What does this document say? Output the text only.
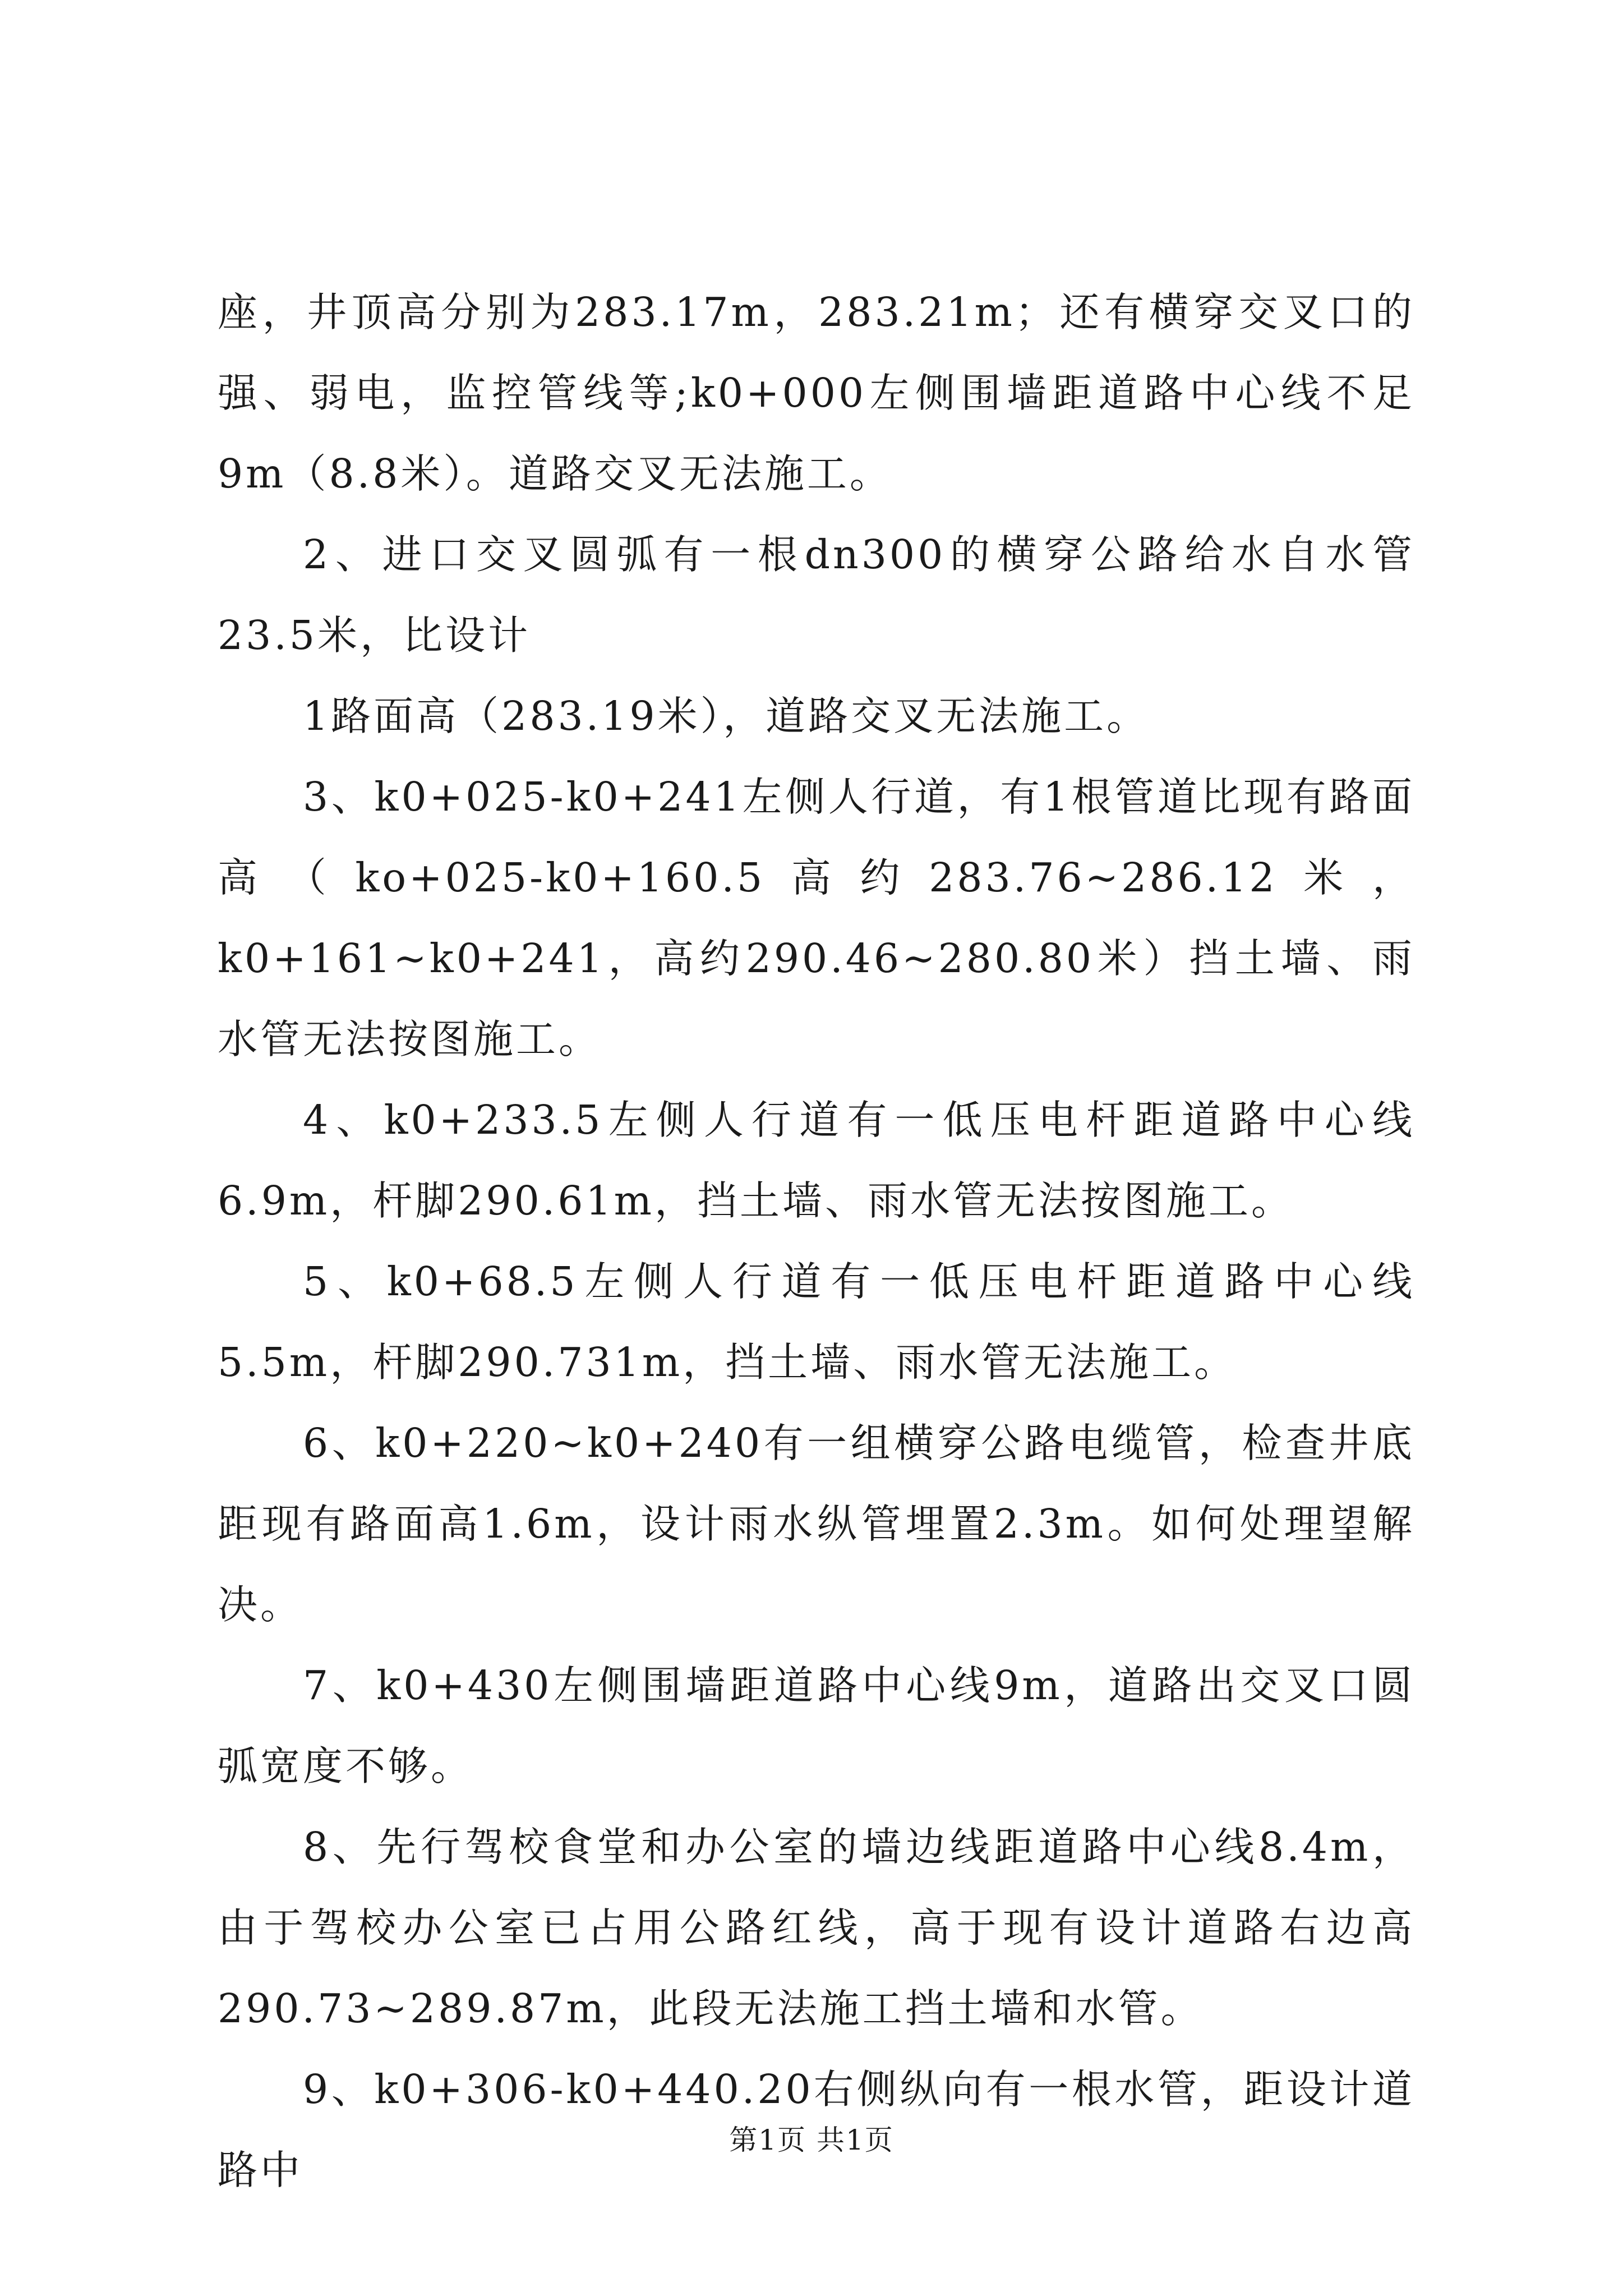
座，井顶高分别为283.17m，283.21m；还有横穿交叉口的强、弱电，监控管线等;k0+000左侧围墙距道路中心线不足9m（8.8米）。道路交叉无法施工。

2、进口交叉圆弧有一根dn300的横穿公路给水自水管23.5米，比设计

1路面高（283.19米），道路交叉无法施工。

3、k0+025-k0+241左侧人行道，有1根管道比现有路面高（ko+025-k0+160.5高约283.76~286.12米，k0+161~k0+241，高约290.46~280.80米）挡土墙、雨水管无法按图施工。

4、k0+233.5左侧人行道有一低压电杆距道路中心线6.9m，杆脚290.61m，挡土墙、雨水管无法按图施工。

5、k0+68.5左侧人行道有一低压电杆距道路中心线5.5m，杆脚290.731m，挡土墙、雨水管无法施工。

6、k0+220~k0+240有一组横穿公路电缆管，检查井底距现有路面高1.6m，设计雨水纵管埋置2.3m。如何处理望解决。

7、k0+430左侧围墙距道路中心线9m，道路出交叉口圆弧宽度不够。

8、先行驾校食堂和办公室的墙边线距道路中心线8.4m，由于驾校办公室已占用公路红线，高于现有设计道路右边高290.73~289.87m，此段无法施工挡土墙和水管。

9、k0+306-k0+440.20右侧纵向有一根水管，距设计道路中

第1页 共1页
